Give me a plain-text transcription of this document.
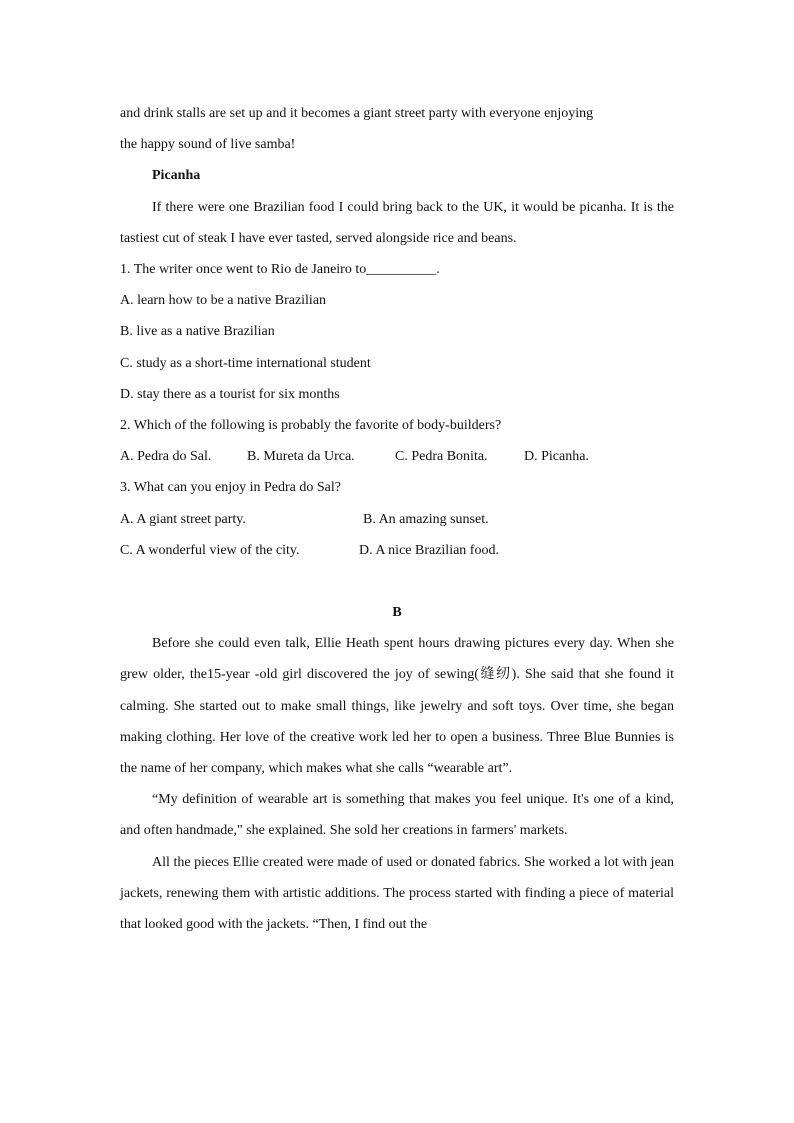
and drink stalls are set up and it becomes a giant street party with everyone enjoying

the happy sound of live samba!

Picanha

If there were one Brazilian food I could bring back to the UK, it would be picanha. It is the tastiest cut of steak I have ever tasted, served alongside rice and beans.

1. The writer once went to Rio de Janeiro to__________.
A. learn how to be a native Brazilian
B. live as a native Brazilian
C. study as a short-time international student
D. stay there as a tourist for six months
2. Which of the following is probably the favorite of body-builders?
A. Pedra do Sal.	B. Mureta da Urca.	C. Pedra Bonita.	D. Picanha.
3. What can you enjoy in Pedra do Sal?
A. A giant street party.	B. An amazing sunset.
C. A wonderful view of the city.	D. A nice Brazilian food.
B

Before she could even talk, Ellie Heath spent hours drawing pictures every day. When she grew older, the15-year -old girl discovered the joy of sewing(缝纫). She said that she found it calming. She started out to make small things, like jewelry and soft toys. Over time, she began making clothing. Her love of the creative work led her to open a business. Three Blue Bunnies is the name of her company, which makes what she calls “wearable art”.

“My definition of wearable art is something that makes you feel unique. It's one of a kind, and often handmade," she explained. She sold her creations in farmers' markets.

All the pieces Ellie created were made of used or donated fabrics. She worked a lot with jean jackets, renewing them with artistic additions. The process started with finding a piece of material that looked good with the jackets. “Then, I find out the
